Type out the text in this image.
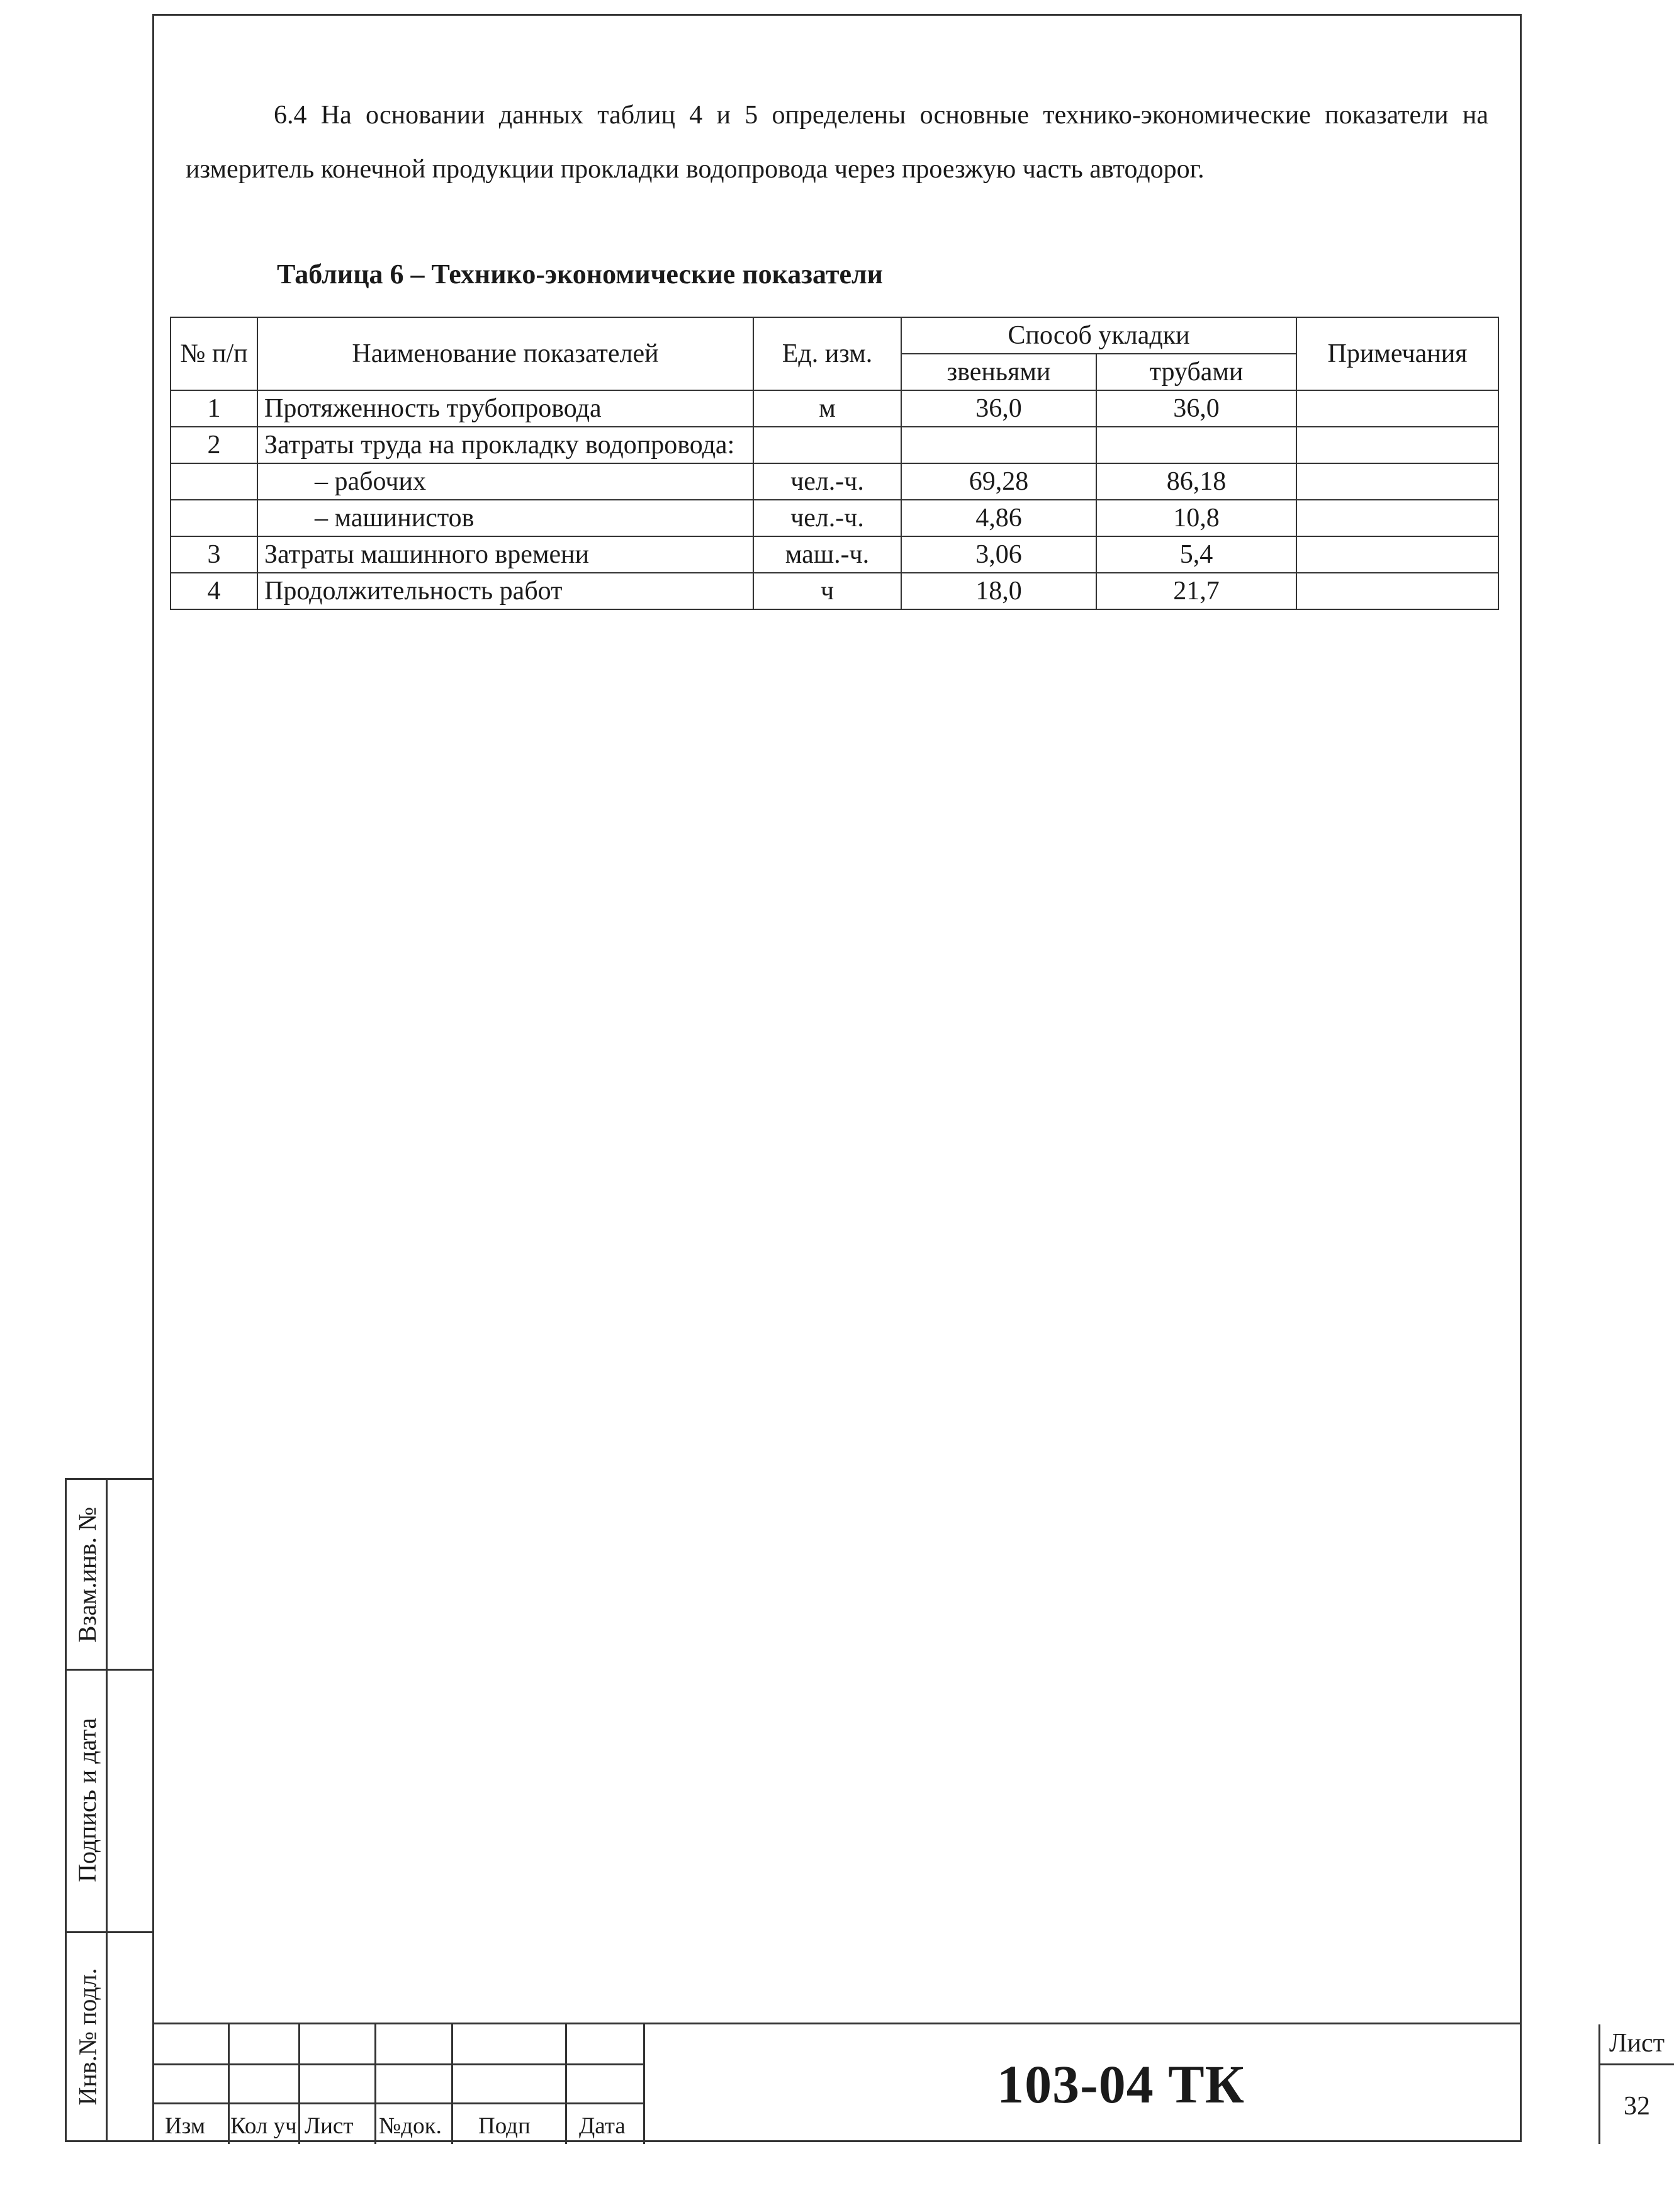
6.4 На основании данных таблиц 4 и 5 определены основные технико-экономические показатели на измеритель конечной продукции прокладки водопровода через проезжую часть автодорог.

Таблица 6 – Технико-экономические показатели

№ п/п	Наименование показателей	Ед. изм.	Способ укладки		Примечания
			звеньями	трубами	
1	Протяженность трубопровода	м	36,0	36,0	
2	Затраты труда на прокладку водопровода:				
	– рабочих	чел.-ч.	69,28	86,18	
	– машинистов	чел.-ч.	4,86	10,8	
3	Затраты машинного времени	маш.-ч.	3,06	5,4	
4	Продолжительность работ	ч	18,0	21,7	
Взам.инв. №
Подпись и дата
Инв.№ подл.
Изм Кол уч Лист №док. Подп Дата
103-04 ТК
Лист
32
